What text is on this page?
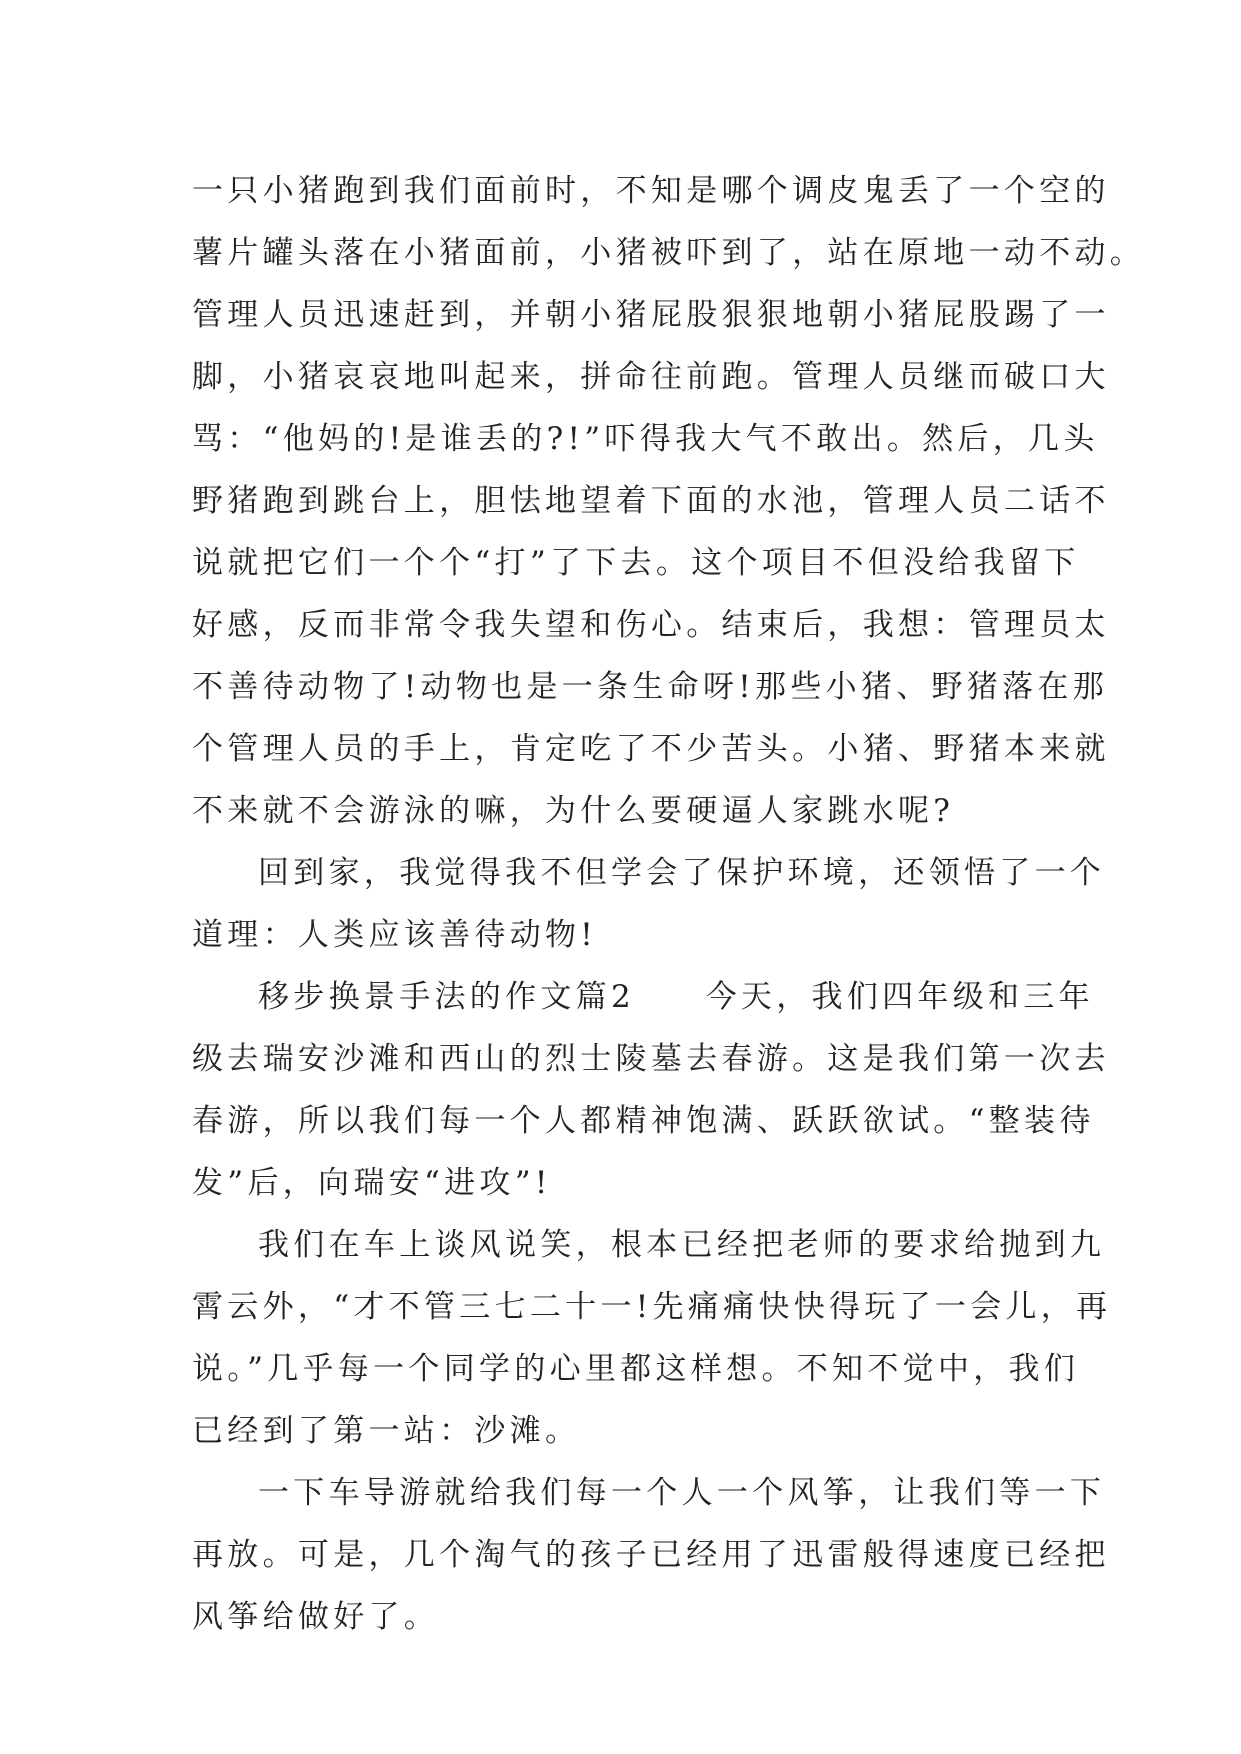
一只小猪跑到我们面前时，不知是哪个调皮鬼丢了一个空的
薯片罐头落在小猪面前，小猪被吓到了，站在原地一动不动。
管理人员迅速赶到，并朝小猪屁股狠狠地朝小猪屁股踢了一
脚，小猪哀哀地叫起来，拼命往前跑。管理人员继而破口大
骂：“他妈的!是谁丢的?!”吓得我大气不敢出。然后，几头
野猪跑到跳台上，胆怯地望着下面的水池，管理人员二话不
说就把它们一个个“打”了下去。这个项目不但没给我留下
好感，反而非常令我失望和伤心。结束后，我想：管理员太
不善待动物了!动物也是一条生命呀!那些小猪、野猪落在那
个管理人员的手上，肯定吃了不少苦头。小猪、野猪本来就
不来就不会游泳的嘛，为什么要硬逼人家跳水呢?
回到家，我觉得我不但学会了保护环境，还领悟了一个
道理：人类应该善待动物!
移步换景手法的作文篇2　　今天，我们四年级和三年
级去瑞安沙滩和西山的烈士陵墓去春游。这是我们第一次去
春游，所以我们每一个人都精神饱满、跃跃欲试。“整装待
发”后，向瑞安“进攻”!
我们在车上谈风说笑，根本已经把老师的要求给抛到九
霄云外，“才不管三七二十一!先痛痛快快得玩了一会儿，再
说。”几乎每一个同学的心里都这样想。不知不觉中，我们
已经到了第一站：沙滩。
一下车导游就给我们每一个人一个风筝，让我们等一下
再放。可是，几个淘气的孩子已经用了迅雷般得速度已经把
风筝给做好了。
